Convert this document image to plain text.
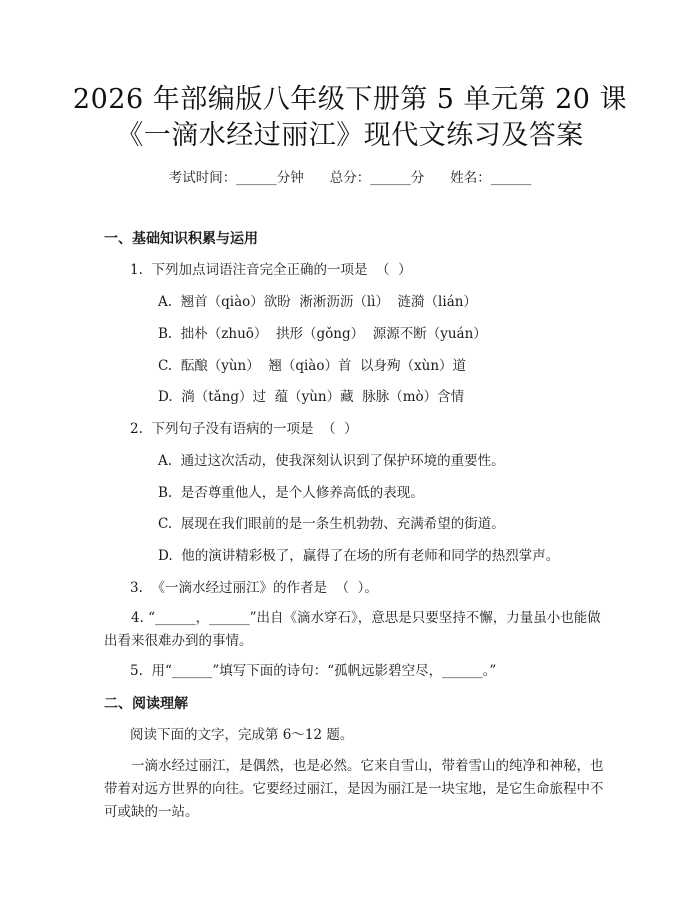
2026 年部编版八年级下册第 5 单元第 20 课
《一滴水经过丽江》现代文练习及答案
考试时间：______分钟 总分：______分 姓名：______
一、基础知识积累与运用
1.  下列加点词语注音完全正确的一项是  （  ）
A.  翘首（qiào）欲盼  淅淅沥沥（lì）  涟漪（lián）
B.  拙朴（zhuō）  拱形（gǒng）  源源不断（yuán）
C.  酝酿（yùn）  翘（qiào）首  以身殉（xùn）道
D.  淌（tǎng）过  蕴（yùn）藏  脉脉（mò）含情
2.  下列句子没有语病的一项是  （  ）
A.  通过这次活动，使我深刻认识到了保护环境的重要性。
B.  是否尊重他人，是个人修养高低的表现。
C.  展现在我们眼前的是一条生机勃勃、充满希望的街道。
D.  他的演讲精彩极了，赢得了在场的所有老师和同学的热烈掌声。
3.  《一滴水经过丽江》的作者是  （  ）。
4. “______，______”出自《滴水穿石》，意思是只要坚持不懈，力量虽小也能做出看来很难办到的事情。
5.  用“______”填写下面的诗句：“孤帆远影碧空尽，______。”
二、阅读理解
阅读下面的文字，完成第 6～12 题。
一滴水经过丽江，是偶然，也是必然。它来自雪山，带着雪山的纯净和神秘，也带着对远方世界的向往。它要经过丽江，是因为丽江是一块宝地，是它生命旅程中不可或缺的一站。
